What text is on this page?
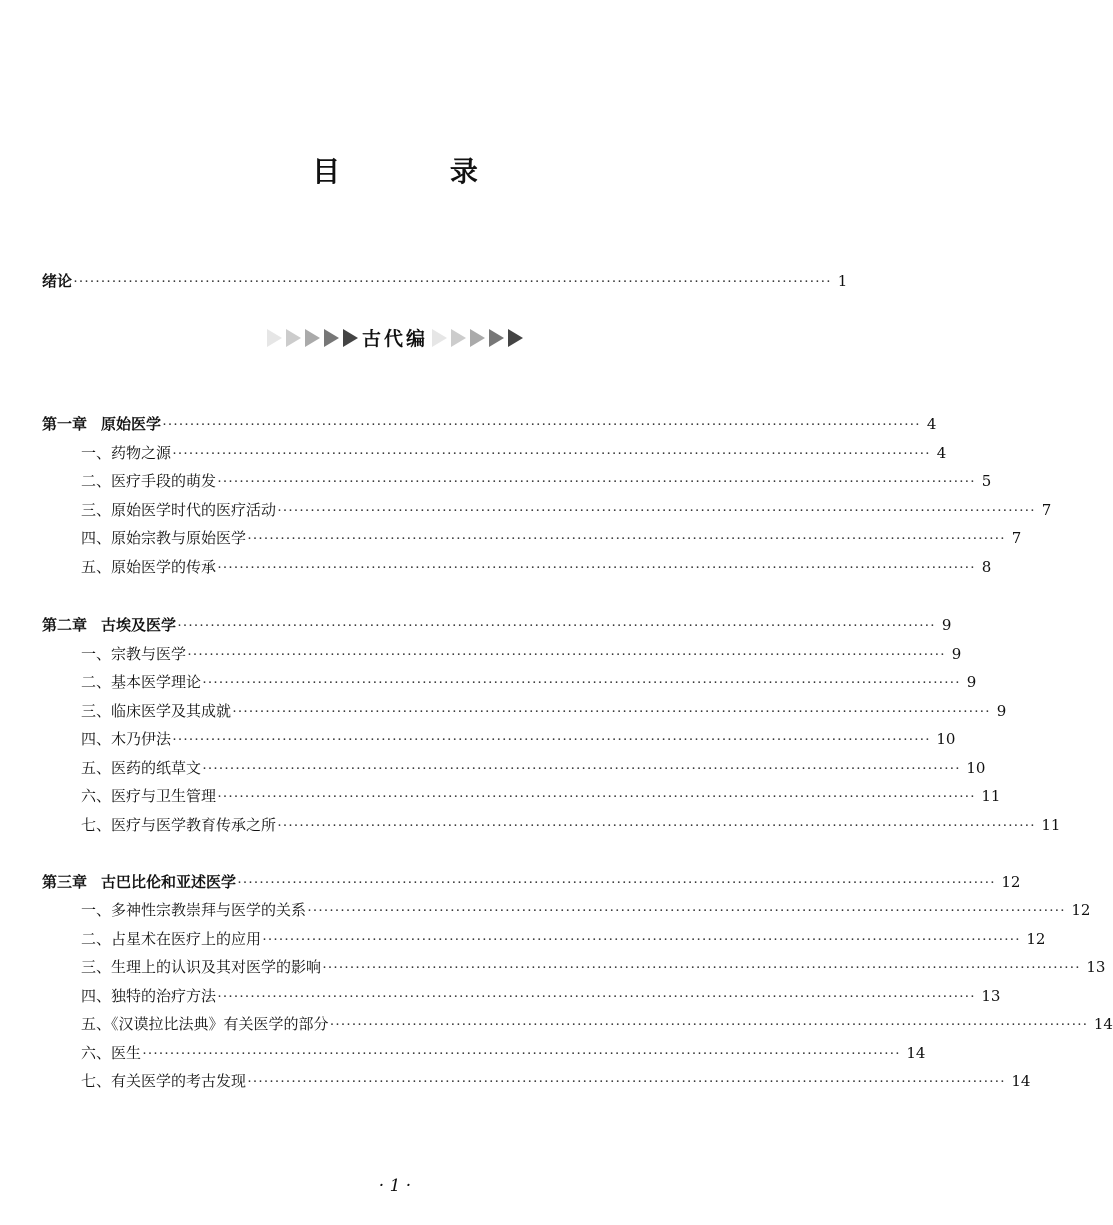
目 录
绪论 ·········································································································································· 1
古代编
第一章 原始医学 ·········································································································································· 4
一、药物之源 ·········································································································································· 4
二、医疗手段的萌发 ·········································································································································· 5
三、原始医学时代的医疗活动 ·········································································································································· 7
四、原始宗教与原始医学 ·········································································································································· 7
五、原始医学的传承 ·········································································································································· 8
第二章 古埃及医学 ·········································································································································· 9
一、宗教与医学 ·········································································································································· 9
二、基本医学理论 ·········································································································································· 9
三、临床医学及其成就 ·········································································································································· 9
四、木乃伊法 ·········································································································································· 10
五、医药的纸草文 ·········································································································································· 10
六、医疗与卫生管理 ·········································································································································· 11
七、医疗与医学教育传承之所 ·········································································································································· 11
第三章 古巴比伦和亚述医学 ·········································································································································· 12
一、多神性宗教崇拜与医学的关系 ·········································································································································· 12
二、占星术在医疗上的应用 ·········································································································································· 12
三、生理上的认识及其对医学的影响 ·········································································································································· 13
四、独特的治疗方法 ·········································································································································· 13
五、《汉谟拉比法典》有关医学的部分 ·········································································································································· 14
六、医生 ·········································································································································· 14
七、有关医学的考古发现 ·········································································································································· 14
· 1 ·
